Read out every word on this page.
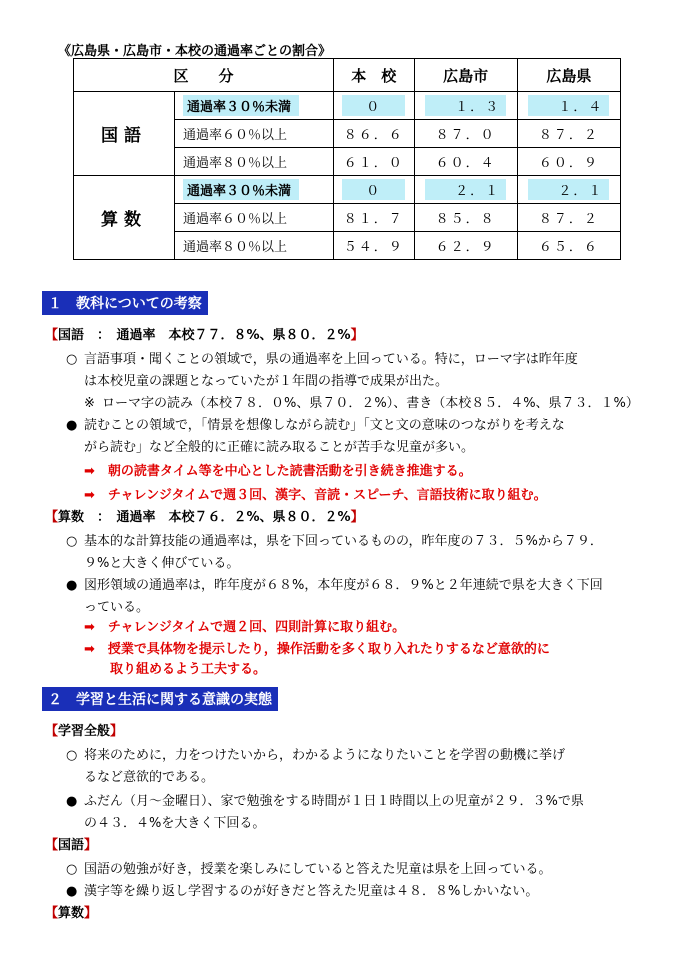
《広島県・広島市・本校の通過率ごとの割合》
区　　分		本　校	広島市	広島県
国語	通過率３０％未満	０	１．３	１．４
	通過率６０％以上	８６．６	８７．０	８７．２
	通過率８０％以上	６１．０	６０．４	６０．９
算数	通過率３０％未満	０	２．１	２．１
	通過率６０％以上	８１．７	８５．８	８７．２
	通過率８０％以上	５４．９	６２．９	６５．６
１　教科についての考察
【国語　：　通過率　本校７７．８%、県８０．２%】
○ 言語事項・聞くことの領域で，県の通過率を上回っている。特に，ローマ字は昨年度
は本校児童の課題となっていたが１年間の指導で成果が出た。
※ ローマ字の読み（本校７８．０%、県７０．２%）、書き（本校８５．４%、県７３．１%）
● 読むことの領域で，「情景を想像しながら読む」「文と文の意味のつながりを考えな
がら読む」など全般的に正確に読み取ることが苦手な児童が多い。
➡　朝の読書タイム等を中心とした読書活動を引き続き推進する。
➡　チャレンジタイムで週３回、漢字、音読・スピーチ、言語技術に取り組む。
【算数　：　通過率　本校７６．２%、県８０．２%】
○ 基本的な計算技能の通過率は，県を下回っているものの，昨年度の７３．５%から７９．
９%と大きく伸びている。
● 図形領域の通過率は，昨年度が６８%，本年度が６８．９%と２年連続で県を大きく下回
っている。
➡　チャレンジタイムで週２回、四則計算に取り組む。
➡　授業で具体物を提示したり，操作活動を多く取り入れたりするなど意欲的に
　　取り組めるよう工夫する。
２　学習と生活に関する意識の実態
【学習全般】
○ 将来のために，力をつけたいから，わかるようになりたいことを学習の動機に挙げ
るなど意欲的である。
● ふだん（月～金曜日）、家で勉強をする時間が１日１時間以上の児童が２９．３%で県
の４３．４%を大きく下回る。
【国語】
○ 国語の勉強が好き，授業を楽しみにしていると答えた児童は県を上回っている。
● 漢字等を繰り返し学習するのが好きだと答えた児童は４８．８%しかいない。
【算数】
